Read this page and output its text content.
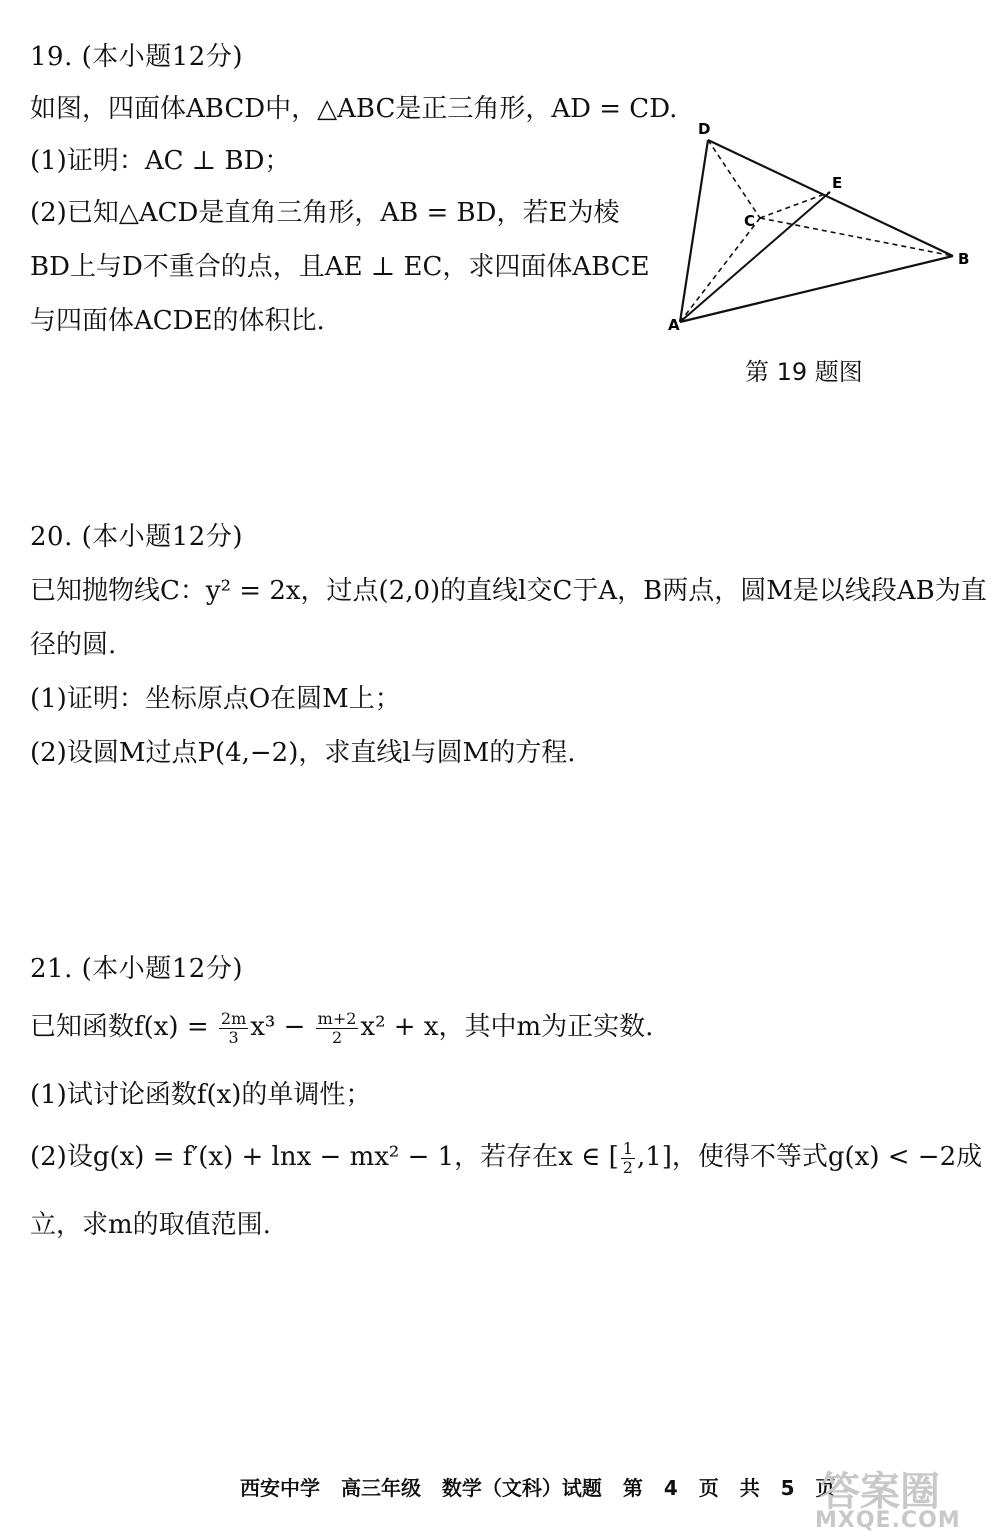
19. (本小题12分)
如图，四面体ABCD中，△ABC是正三角形，AD = CD.
(1)证明：AC ⊥ BD；
(2)已知△ACD是直角三角形，AB = BD，若E为棱
BD上与D不重合的点，且AE ⊥ EC，求四面体ABCE
与四面体ACDE的体积比.
D
E
C
B
A
第 19 题图
20. (本小题12分)
已知抛物线C：y² = 2x，过点(2,0)的直线l交C于A，B两点，圆M是以线段AB为直
径的圆.
(1)证明：坐标原点O在圆M上；
(2)设圆M过点P(4,−2)，求直线l与圆M的方程.
21. (本小题12分)
已知函数$f(x) = \frac{2m}{3} x^3 - \frac{m+2}{2} x^2 + x$，其中m为正实数.
(1)试讨论函数f(x)的单调性；
(2)设g(x) = f′(x) + lnx − mx² − 1，若存在x ∈ [ $\frac{1}{2} ,1$]，使得不等式g(x) < −2成
立，求m的取值范围.
西安中学 高三年级 数学（文科）试题 第 4 页 共 5 页
答案圈
MXQE.COM
